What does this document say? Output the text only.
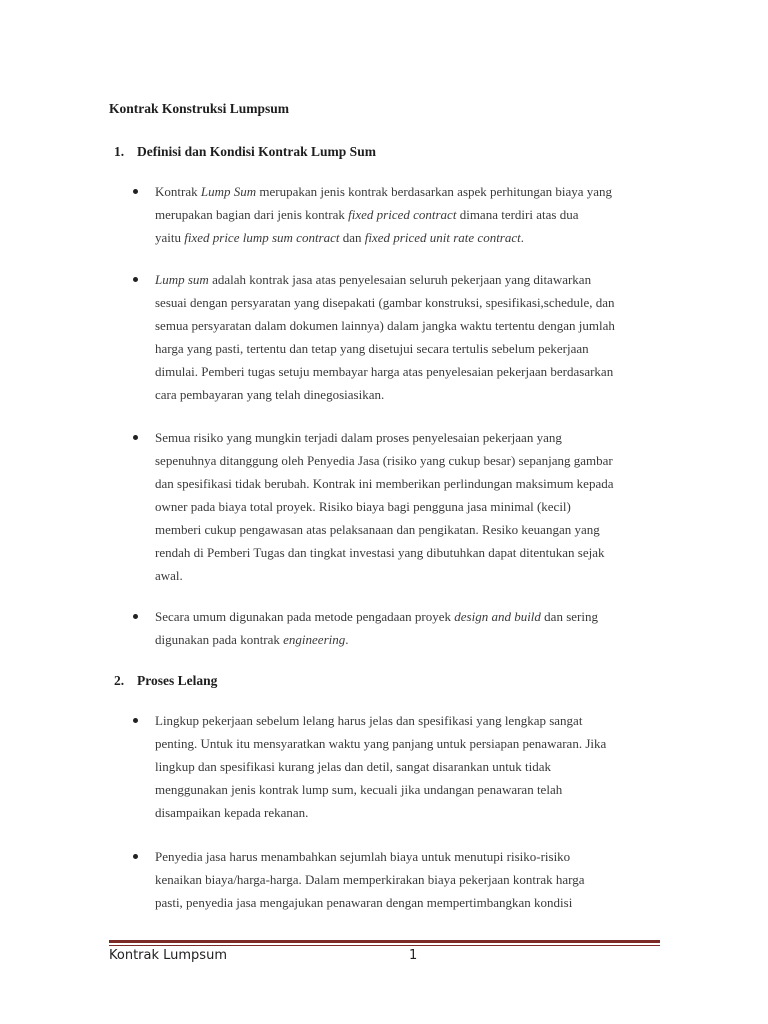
Kontrak Konstruksi Lumpsum
1. Definisi dan Kondisi Kontrak Lump Sum

Kontrak Lump Sum merupakan jenis kontrak berdasarkan aspek perhitungan biaya yang
merupakan bagian dari jenis kontrak fixed priced contract dimana terdiri atas dua
yaitu fixed price lump sum contract dan fixed priced unit rate contract.

Lump sum adalah kontrak jasa atas penyelesaian seluruh pekerjaan yang ditawarkan
sesuai dengan persyaratan yang disepakati (gambar konstruksi, spesifikasi,schedule, dan
semua persyaratan dalam dokumen lainnya) dalam jangka waktu tertentu dengan jumlah
harga yang pasti, tertentu dan tetap yang disetujui secara tertulis sebelum pekerjaan
dimulai. Pemberi tugas setuju membayar harga atas penyelesaian pekerjaan berdasarkan
cara pembayaran yang telah dinegosiasikan.

Semua risiko yang mungkin terjadi dalam proses penyelesaian pekerjaan yang
sepenuhnya ditanggung oleh Penyedia Jasa (risiko yang cukup besar) sepanjang gambar
dan spesifikasi tidak berubah. Kontrak ini memberikan perlindungan maksimum kepada
owner pada biaya total proyek. Risiko biaya bagi pengguna jasa minimal (kecil)
memberi cukup pengawasan atas pelaksanaan dan pengikatan. Resiko keuangan yang
rendah di Pemberi Tugas dan tingkat investasi yang dibutuhkan dapat ditentukan sejak
awal.

Secara umum digunakan pada metode pengadaan proyek design and build dan sering
digunakan pada kontrak engineering.

2. Proses Lelang

Lingkup pekerjaan sebelum lelang harus jelas dan spesifikasi yang lengkap sangat
penting. Untuk itu mensyaratkan waktu yang panjang untuk persiapan penawaran. Jika
lingkup dan spesifikasi kurang jelas dan detil, sangat disarankan untuk tidak
menggunakan jenis kontrak lump sum, kecuali jika undangan penawaran telah
disampaikan kepada rekanan.

Penyedia jasa harus menambahkan sejumlah biaya untuk menutupi risiko-risiko
kenaikan biaya/harga-harga. Dalam memperkirakan biaya pekerjaan kontrak harga
pasti, penyedia jasa mengajukan penawaran dengan mempertimbangkan kondisi

Kontrak Lumpsum	1
